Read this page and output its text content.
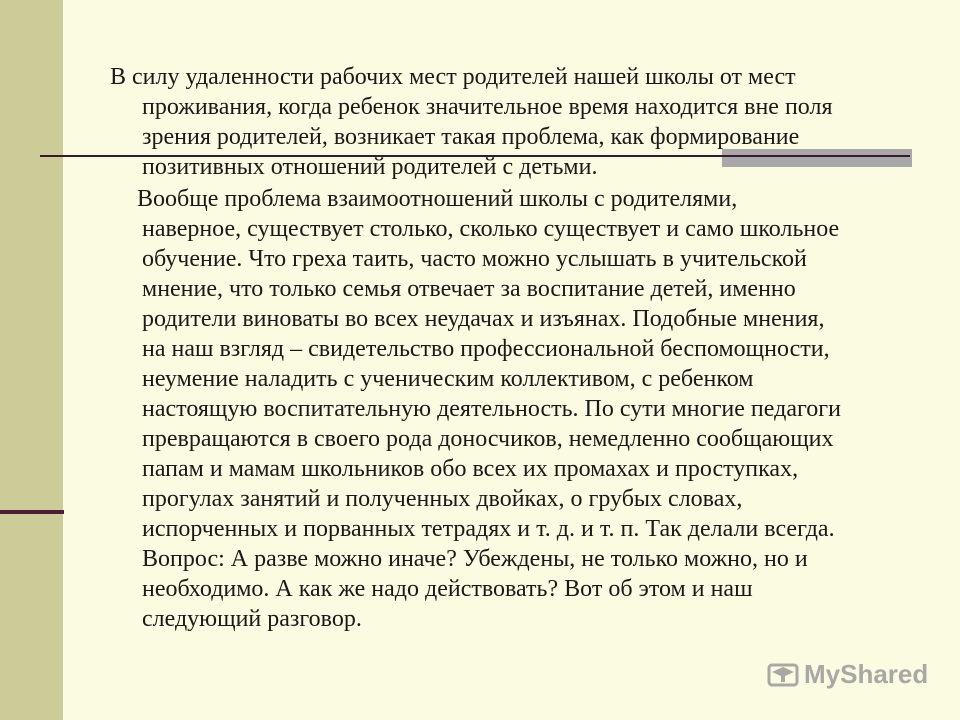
В силу удаленности рабочих мест родителей нашей школы от мест
проживания, когда ребенок значительное время находится вне поля
зрения родителей, возникает такая проблема, как формирование
позитивных отношений родителей с детьми.

Вообще проблема взаимоотношений школы с родителями,
наверное, существует столько, сколько существует и само школьное
обучение. Что греха таить, часто можно услышать в учительской
мнение, что только семья отвечает за воспитание детей, именно
родители виноваты во всех неудачах и изъянах. Подобные мнения,
на наш взгляд – свидетельство профессиональной беспомощности,
неумение наладить с ученическим коллективом, с ребенком
настоящую воспитательную деятельность. По сути многие педагоги
превращаются в своего рода доносчиков, немедленно сообщающих
папам и мамам школьников обо всех их промахах и проступках,
прогулах занятий и полученных двойках, о грубых словах,
испорченных и порванных тетрадях и т. д. и т. п. Так делали всегда.
Вопрос: А разве можно иначе? Убеждены, не только можно, но и
необходимо. А как же надо действовать? Вот об этом и наш
следующий разговор.

MyShared
